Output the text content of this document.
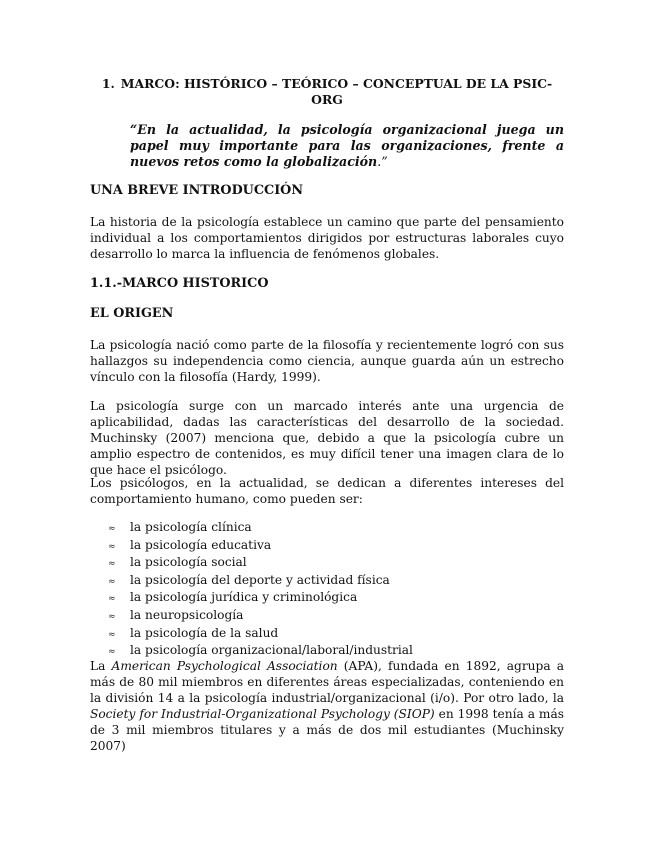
1. MARCO: HISTÓRICO – TEÓRICO – CONCEPTUAL DE LA PSIC-ORG
“En la actualidad, la psicología organizacional juega un papel muy importante para las organizaciones, frente a nuevos retos como la globalización.”
UNA BREVE INTRODUCCIÓN
La historia de la psicología establece un camino que parte del pensamiento individual a los comportamientos dirigidos por estructuras laborales cuyo desarrollo lo marca la influencia de fenómenos globales.
1.1.-MARCO HISTORICO
EL ORIGEN
La psicología nació como parte de la filosofía y recientemente logró con sus hallazgos su independencia como ciencia, aunque guarda aún un estrecho vínculo con la filosofía (Hardy, 1999).
La psicología surge con un marcado interés ante una urgencia de aplicabilidad, dadas las características del desarrollo de la sociedad. Muchinsky (2007) menciona que, debido a que la psicología cubre un amplio espectro de contenidos, es muy difícil tener una imagen clara de lo que hace el psicólogo.
Los psicólogos, en la actualidad, se dedican a diferentes intereses del comportamiento humano, como pueden ser:
≈	la psicología clínica
≈	la psicología educativa
≈	la psicología social
≈	la psicología del deporte y actividad física
≈	la psicología jurídica y criminológica
≈	la neuropsicología
≈	la psicología de la salud
≈	la psicología organizacional/laboral/industrial
La American Psychological Association (APA), fundada en 1892, agrupa a más de 80 mil miembros en diferentes áreas especializadas, conteniendo en la división 14 a la psicología industrial/organizacional (i/o). Por otro lado, la Society for Industrial-Organizational Psychology (SIOP) en 1998 tenía a más de 3 mil miembros titulares y a más de dos mil estudiantes (Muchinsky 2007)
